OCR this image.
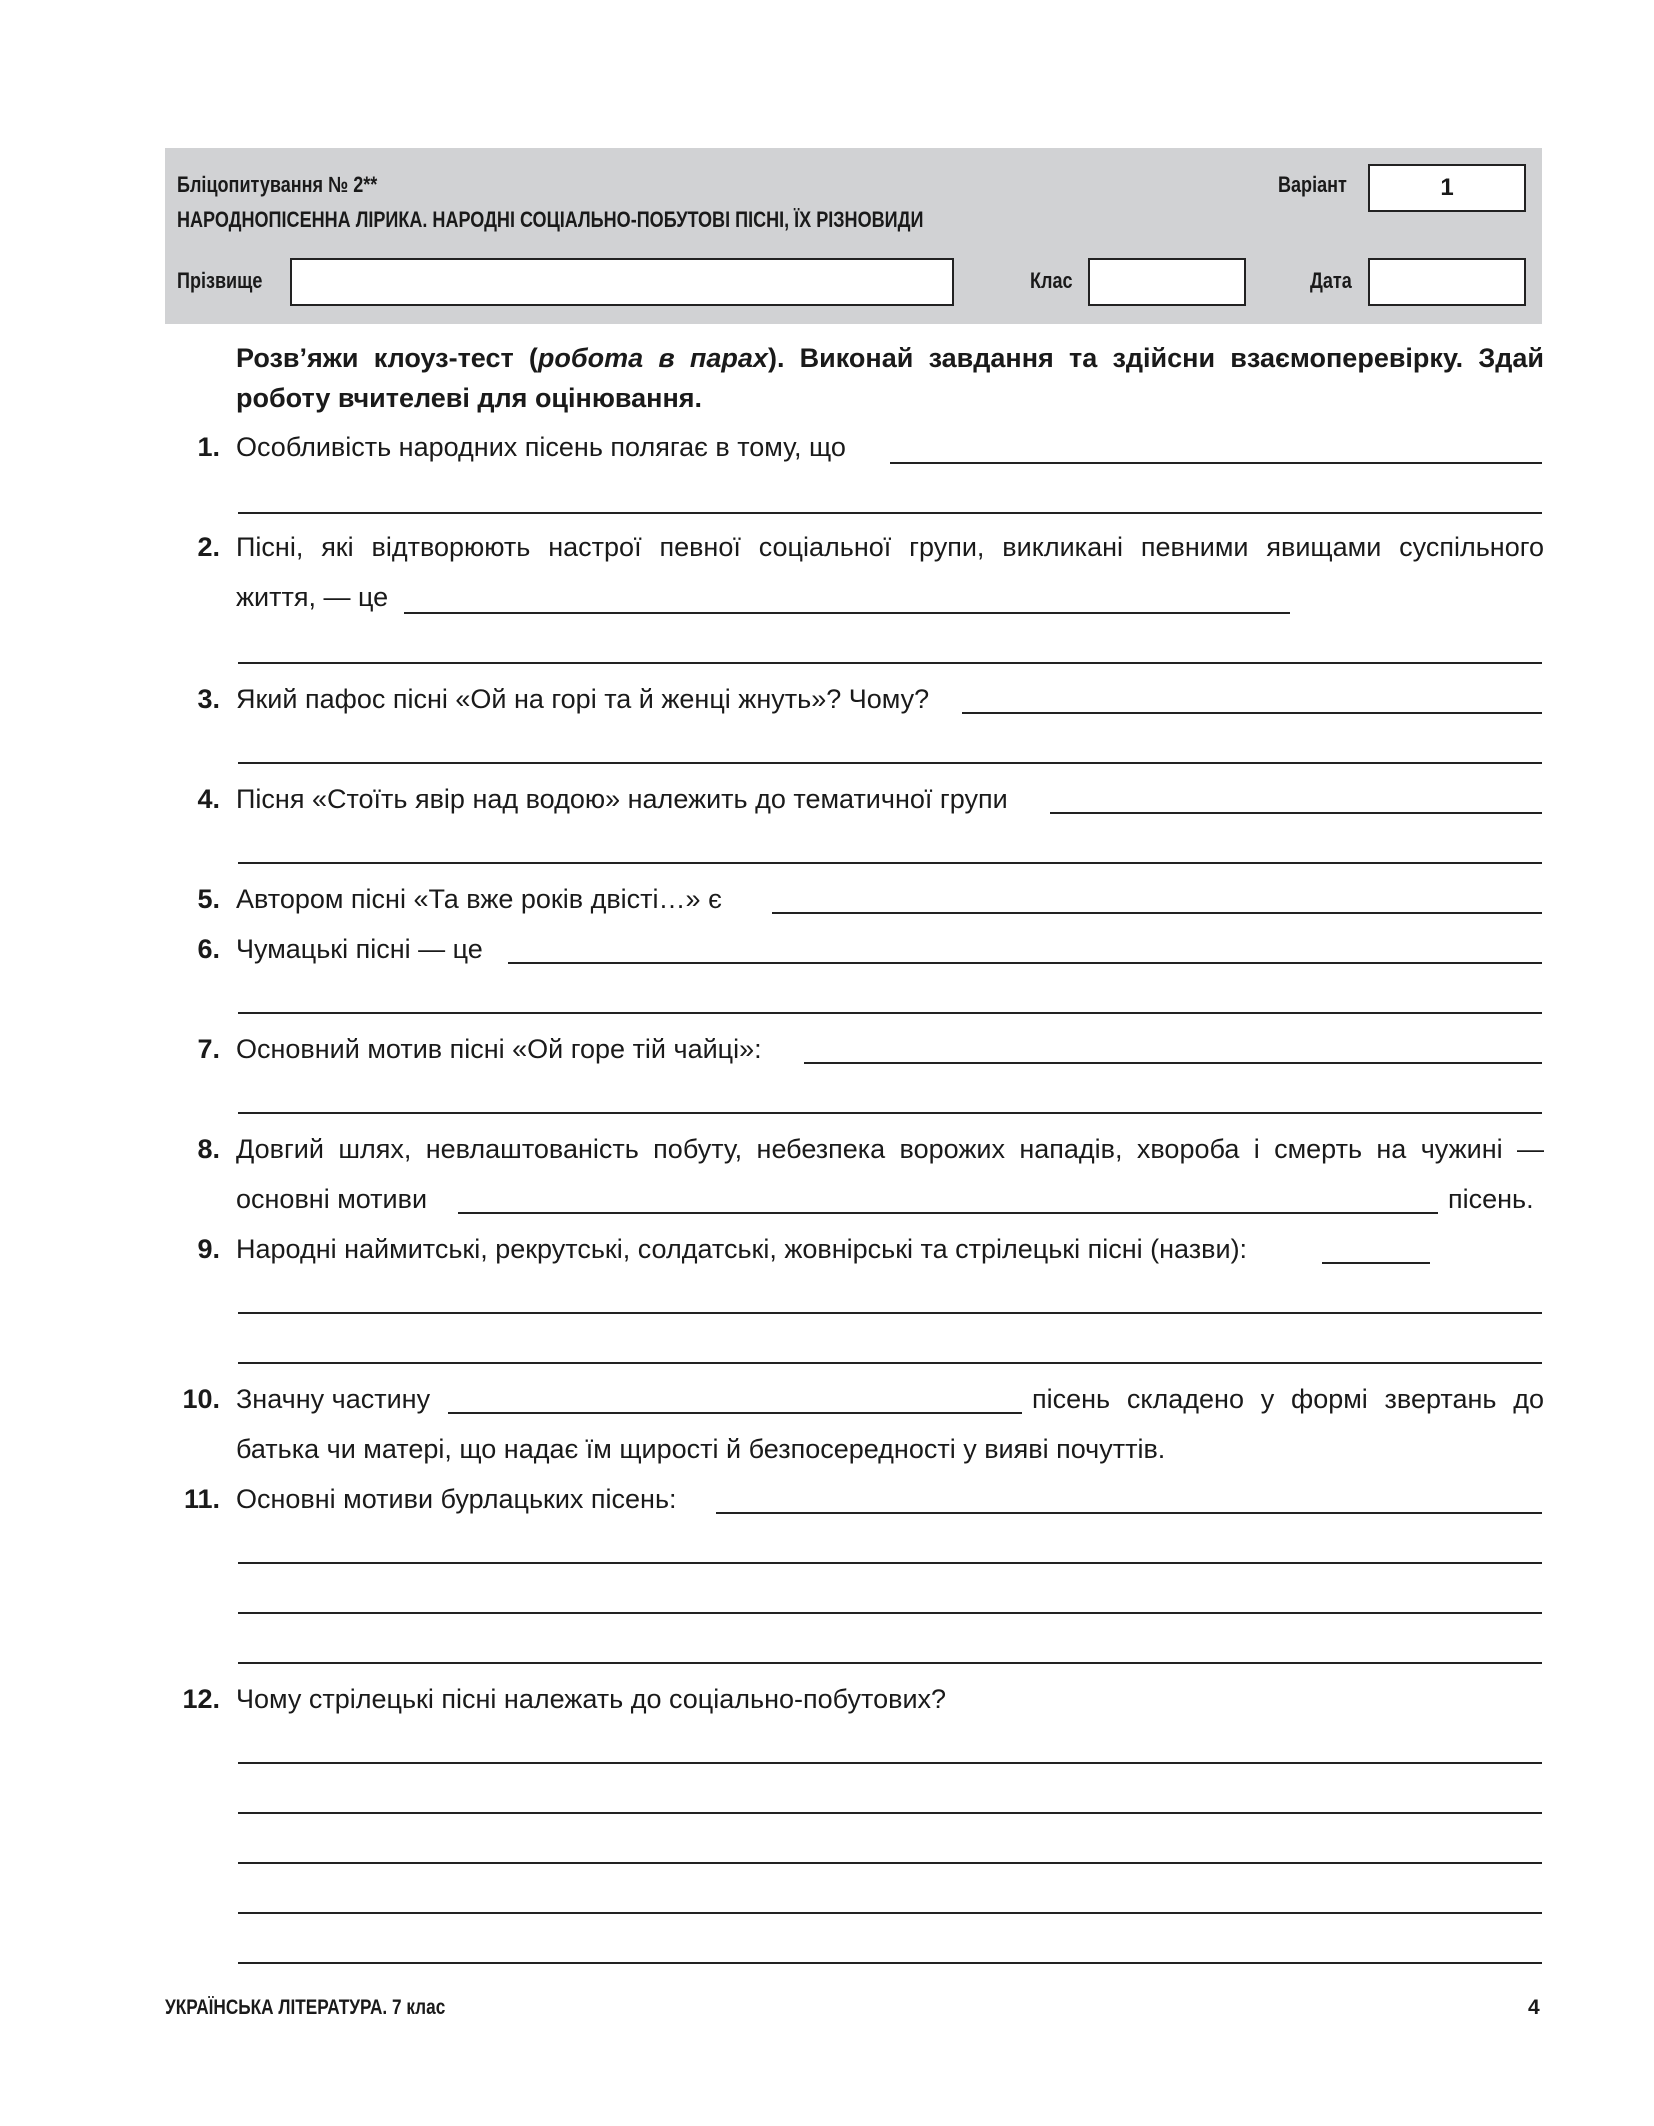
Бліцопитування № 2**
НАРОДНОПІСЕННА ЛІРИКА. НАРОДНІ СОЦІАЛЬНО-ПОБУТОВІ ПІСНІ, ЇХ РІЗНОВИДИ
Варіант	1
Прізвище	Клас	Дата
Розв’яжи клоуз-тест (робота в парах). Виконай завдання та здійсни взаємоперевірку. Здай роботу вчителеві для оцінювання.
1. Особливість народних пісень полягає в тому, що
2. Пісні, які відтворюють настрої певної соціальної групи, викликані певними явищами суспільного
життя, — це
3. Який пафос пісні «Ой на горі та й женці жнуть»? Чому?
4. Пісня «Стоїть явір над водою» належить до тематичної групи
5. Автором пісні «Та вже років двісті…» є
6. Чумацькі пісні — це
7. Основний мотив пісні «Ой горе тій чайці»:
8. Довгий шлях, невлаштованість побуту, небезпека ворожих нападів, хвороба і смерть на чужині —
основні мотиви	пісень.
9. Народні наймитські, рекрутські, солдатські, жовнірські та стрілецькі пісні (назви):
10. Значну частину	пісень складено у формі звертань до
батька чи матері, що надає їм щирості й безпосередності у вияві почуттів.
11. Основні мотиви бурлацьких пісень:
12. Чому стрілецькі пісні належать до соціально-побутових?
УКРАЇНСЬКА ЛІТЕРАТУРА. 7 клас	4
